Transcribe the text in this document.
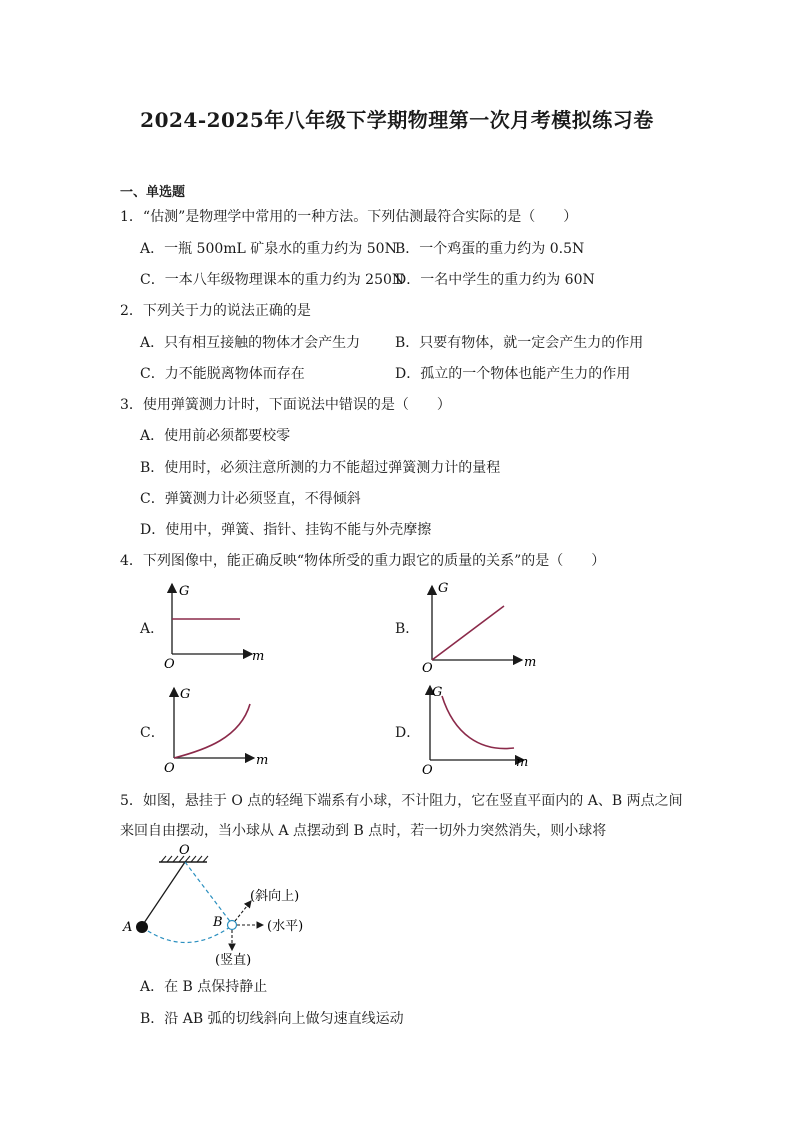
2024-2025年八年级下学期物理第一次月考模拟练习卷
一、单选题
1．“估测”是物理学中常用的一种方法。下列估测最符合实际的是（　　）
A．一瓶 500mL 矿泉水的重力约为 50N
B．一个鸡蛋的重力约为 0.5N
C．一本八年级物理课本的重力约为 250N
D．一名中学生的重力约为 60N
2．下列关于力的说法正确的是
A．只有相互接触的物体才会产生力 B．只要有物体，就一定会产生力的作用
C．力不能脱离物体而存在	D．孤立的一个物体也能产生力的作用
3．使用弹簧测力计时，下面说法中错误的是（　　）
A．使用前必须都要校零
B．使用时，必须注意所测的力不能超过弹簧测力计的量程
C．弹簧测力计必须竖直，不得倾斜
D．使用中，弹簧、指针、挂钩不能与外壳摩擦
4．下列图像中，能正确反映“物体所受的重力跟它的质量的关系”的是（　　）
A．
G
m
O
B．
G
m
O
C．
G
m
O
D．
G
m
O
5．如图，悬挂于 O 点的轻绳下端系有小球，不计阻力，它在竖直平面内的 A、B 两点之间
来回自由摆动，当小球从 A 点摆动到 B 点时，若一切外力突然消失，则小球将
O
A	B
(斜向上)
(水平)
(竖直)
A．在 B 点保持静止
B．沿 AB 弧的切线斜向上做匀速直线运动
